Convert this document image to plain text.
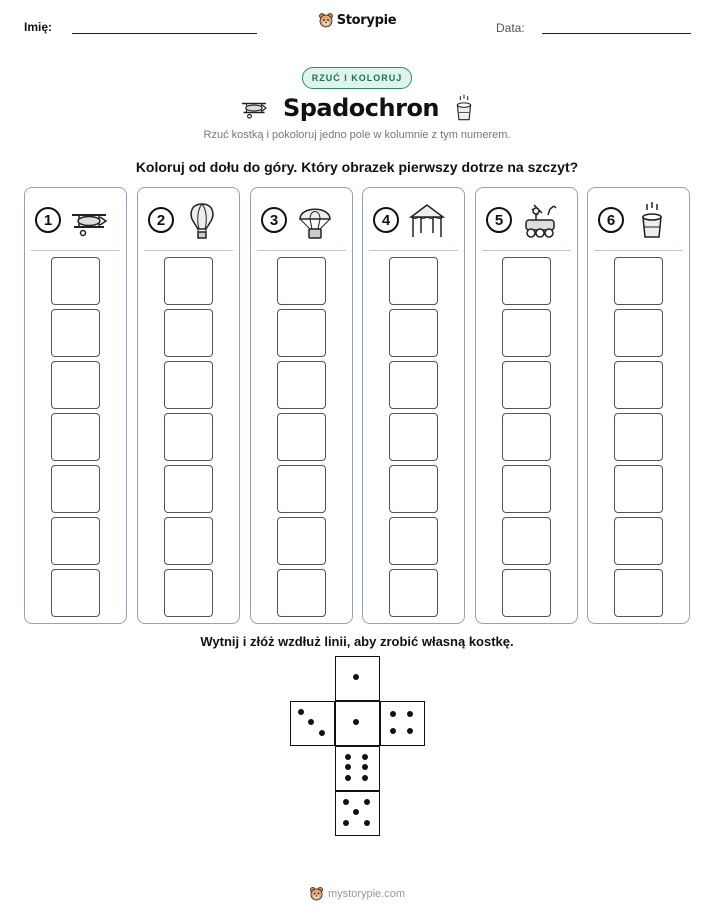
Imię:	Storypie
Data:
RZUĆ I KOLORUJ
Spadochron
Rzuć kostką i pokoloruj jedno pole w kolumnie z tym numerem.
Koloruj od dołu do góry. Który obrazek pierwszy dotrze na szczyt?
1	2	3	4	5	6
Wytnij i złóż wzdłuż linii, aby zrobić własną kostkę.
mystorypie.com
